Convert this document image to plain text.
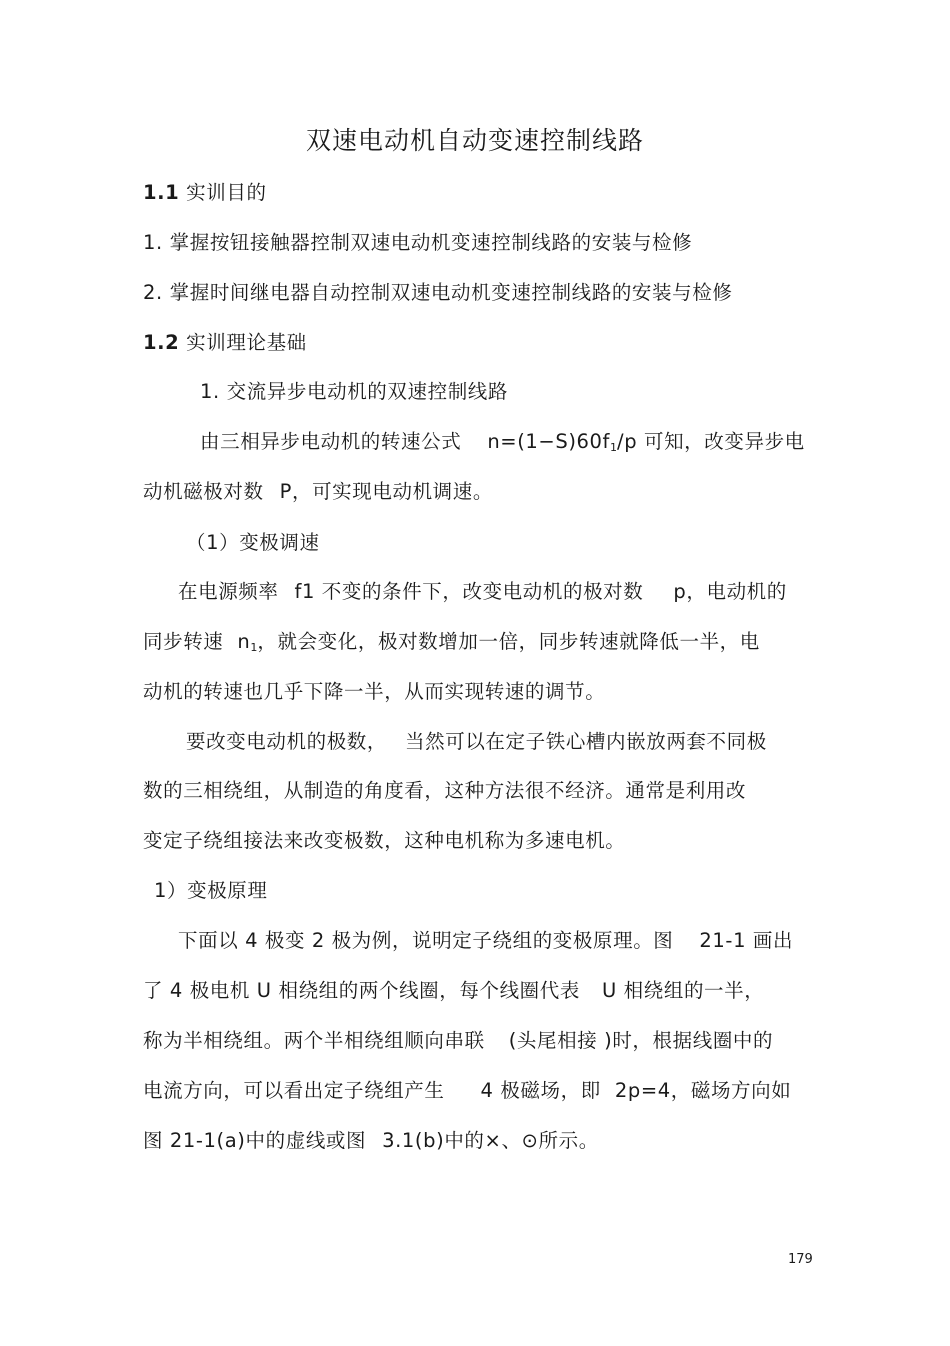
双速电动机自动变速控制线路
1.1 实训目的
1. 掌握按钮接触器控制双速电动机变速控制线路的安装与检修
2. 掌握时间继电器自动控制双速电动机变速控制线路的安装与检修
1.2 实训理论基础
1. 交流异步电动机的双速控制线路
由三相异步电动机的转速公式 $n=(1-S)60f_1/p$ 可知，改变异步电
动机磁极对数 P，可实现电动机调速。
（1）变极调速
在电源频率 f1 不变的条件下，改变电动机的极对数 p，电动机的
同步转速 $n_1$，就会变化，极对数增加一倍，同步转速就降低一半，电
动机的转速也几乎下降一半，从而实现转速的调节。
要改变电动机的极数， 当然可以在定子铁心槽内嵌放两套不同极
数的三相绕组，从制造的角度看，这种方法很不经济。通常是利用改
变定子绕组接法来改变极数，这种电机称为多速电机。
1）变极原理
下面以 4 极变 2 极为例，说明定子绕组的变极原理。图 21-1 画出
了 4 极电机 U 相绕组的两个线圈，每个线圈代表 U 相绕组的一半，
称为半相绕组。两个半相绕组顺向串联 (头尾相接 )时，根据线圈中的
电流方向，可以看出定子绕组产生 4 极磁场，即 2p=4，磁场方向如
图 21-1(a)中的虚线或图 3.1(b)中的×、⊙所示。
179
